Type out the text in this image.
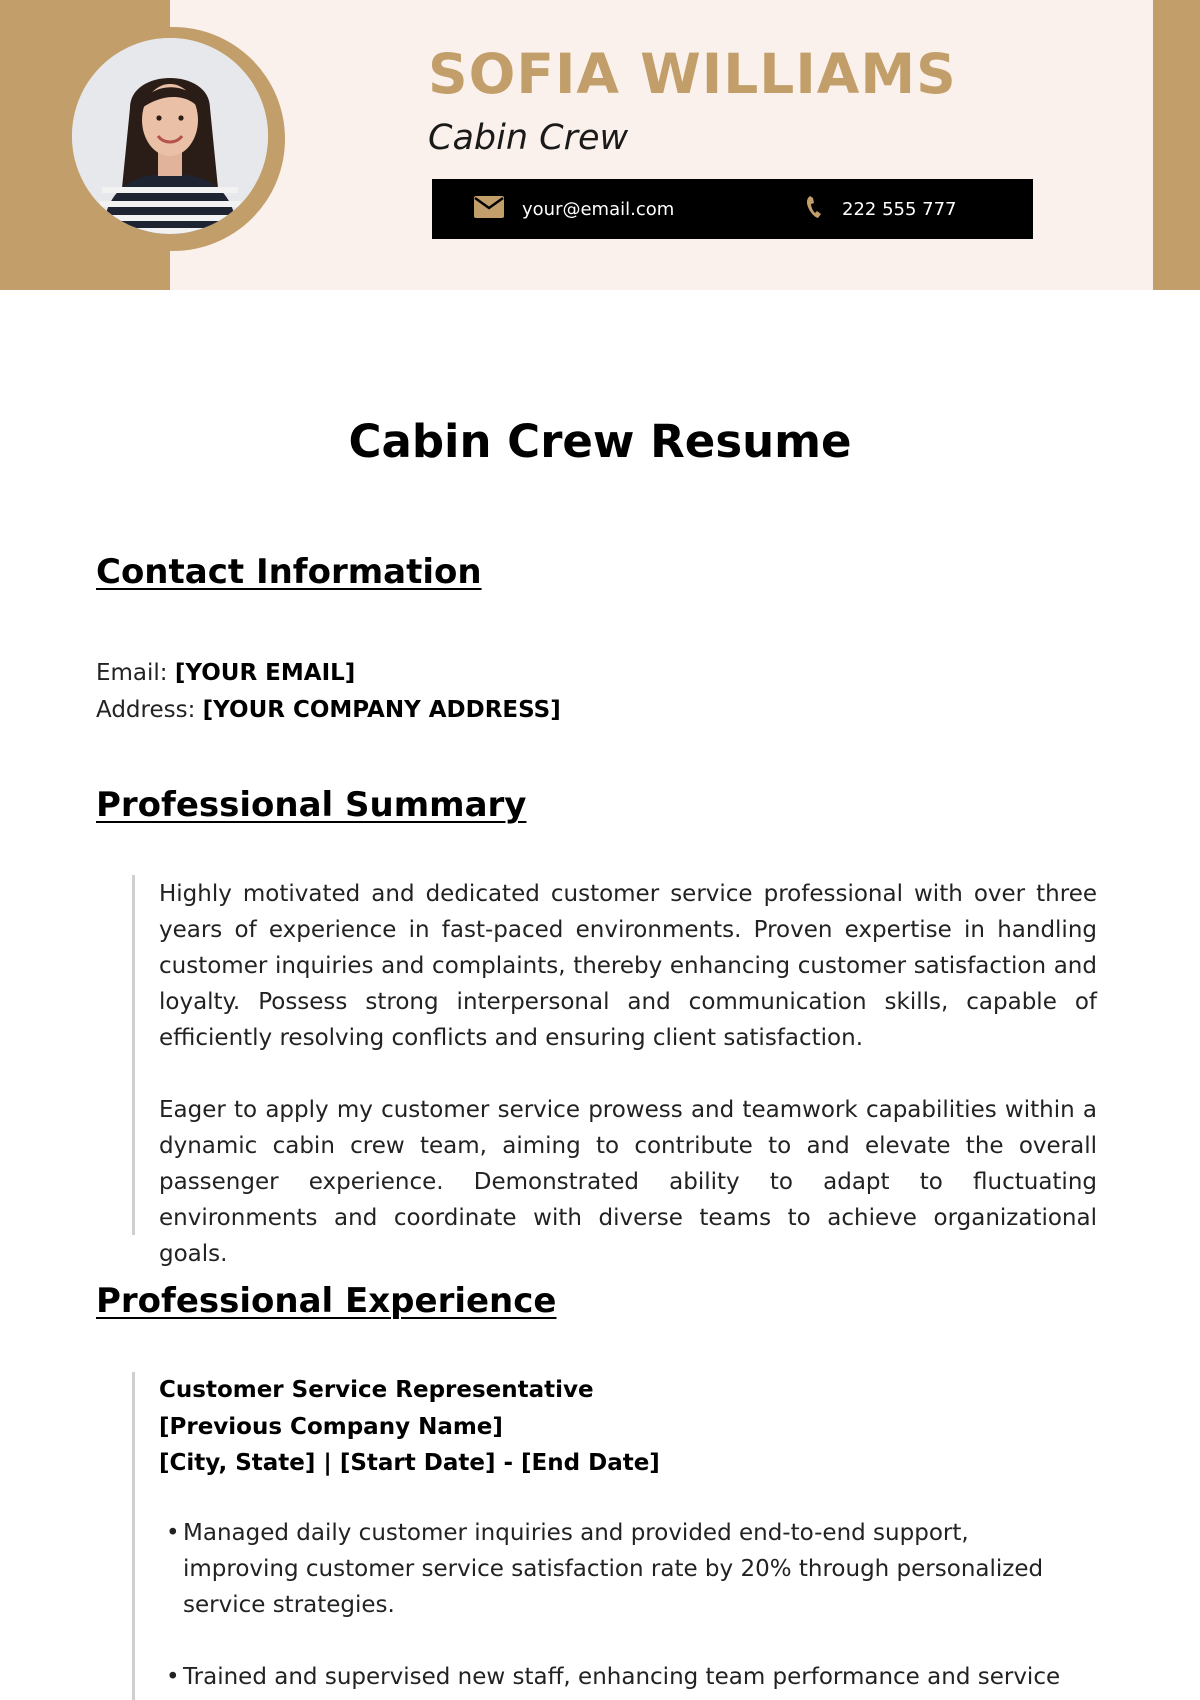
SOFIA WILLIAMS
Cabin Crew
your@email.com	222 555 777
Cabin Crew Resume
Contact Information
Email: [YOUR EMAIL]
Address: [YOUR COMPANY ADDRESS]
Professional Summary

Highly motivated and dedicated customer service professional with over three years of experience in fast-paced environments. Proven expertise in handling customer inquiries and complaints, thereby enhancing customer satisfaction and loyalty. Possess strong interpersonal and communication skills, capable of efficiently resolving conflicts and ensuring client satisfaction.

Eager to apply my customer service prowess and teamwork capabilities within a dynamic cabin crew team, aiming to contribute to and elevate the overall passenger experience. Demonstrated ability to adapt to fluctuating environments and coordinate with diverse teams to achieve organizational goals.

Professional Experience
Customer Service Representative
[Previous Company Name]
[City, State] | [Start Date] - [End Date]
• Managed daily customer inquiries and provided end-to-end support, improving customer service satisfaction rate by 20% through personalized service strategies.
• Trained and supervised new staff, enhancing team performance and service
